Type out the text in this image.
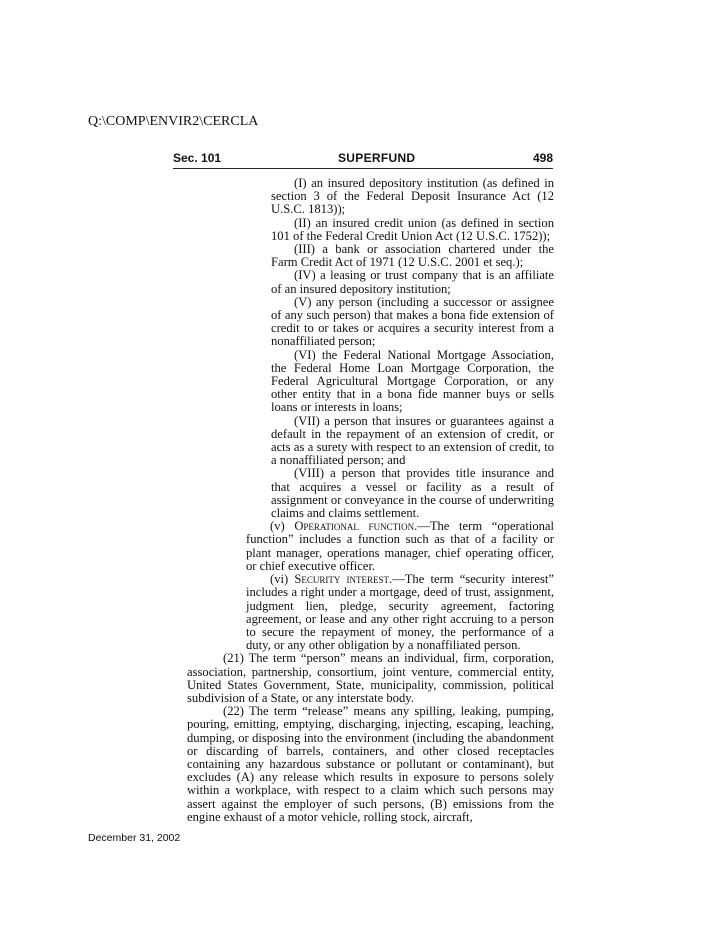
Q:\COMP\ENVIR2\CERCLA
Sec. 101	SUPERFUND	498

(I) an insured depository institution (as defined in section 3 of the Federal Deposit Insurance Act (12 U.S.C. 1813));

(II) an insured credit union (as defined in section 101 of the Federal Credit Union Act (12 U.S.C. 1752));

(III) a bank or association chartered under the Farm Credit Act of 1971 (12 U.S.C. 2001 et seq.);

(IV) a leasing or trust company that is an affiliate of an insured depository institution;

(V) any person (including a successor or assignee of any such person) that makes a bona fide extension of credit to or takes or acquires a security interest from a nonaffiliated person;

(VI) the Federal National Mortgage Association, the Federal Home Loan Mortgage Corporation, the Federal Agricultural Mortgage Corporation, or any other entity that in a bona fide manner buys or sells loans or interests in loans;

(VII) a person that insures or guarantees against a default in the repayment of an extension of credit, or acts as a surety with respect to an extension of credit, to a nonaffiliated person; and

(VIII) a person that provides title insurance and that acquires a vessel or facility as a result of assignment or conveyance in the course of underwriting claims and claims settlement.

(v) Operational function.—The term “operational function” includes a function such as that of a facility or plant manager, operations manager, chief operating officer, or chief executive officer.

(vi) Security interest.—The term “security interest” includes a right under a mortgage, deed of trust, assignment, judgment lien, pledge, security agreement, factoring agreement, or lease and any other right accruing to a person to secure the repayment of money, the performance of a duty, or any other obligation by a nonaffiliated person.

(21) The term “person” means an individual, firm, corporation, association, partnership, consortium, joint venture, commercial entity, United States Government, State, municipality, commission, political subdivision of a State, or any interstate body.

(22) The term “release” means any spilling, leaking, pumping, pouring, emitting, emptying, discharging, injecting, escaping, leaching, dumping, or disposing into the environment (including the abandonment or discarding of barrels, containers, and other closed receptacles containing any hazardous substance or pollutant or contaminant), but excludes (A) any release which results in exposure to persons solely within a workplace, with respect to a claim which such persons may assert against the employer of such persons, (B) emissions from the engine exhaust of a motor vehicle, rolling stock, aircraft,

December 31, 2002
